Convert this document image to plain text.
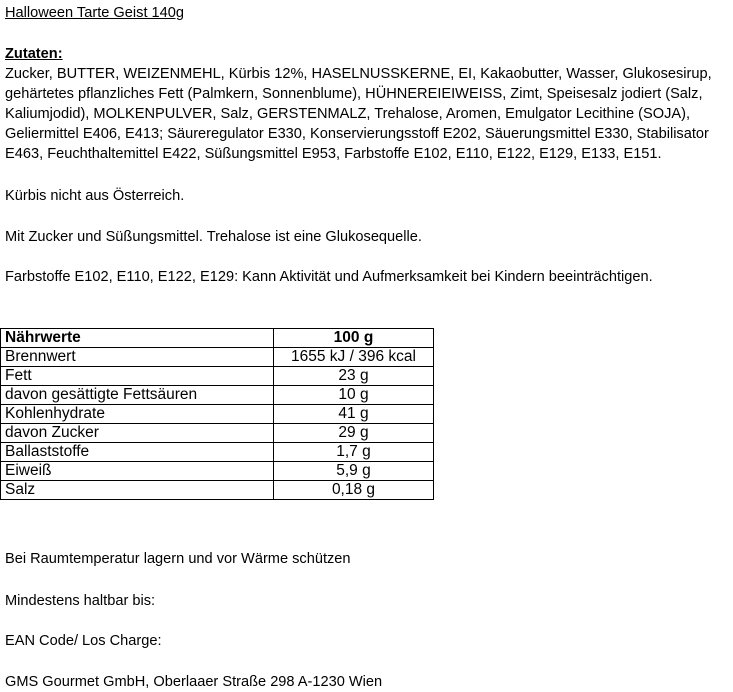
Halloween Tarte Geist 140g

Zutaten:

Zucker, BUTTER, WEIZENMEHL, Kürbis 12%, HASELNUSSKERNE, EI, Kakaobutter, Wasser, Glukosesirup, gehärtetes pflanzliches Fett (Palmkern, Sonnenblume), HÜHNEREIEIWEISS, Zimt, Speisesalz jodiert (Salz, Kaliumjodid), MOLKENPULVER, Salz, GERSTENMALZ, Trehalose, Aromen, Emulgator Lecithine (SOJA), Geliermittel E406, E413; Säureregulator E330, Konservierungsstoff E202, Säuerungsmittel E330, Stabilisator E463, Feuchthaltemittel E422, Süßungsmittel E953, Farbstoffe E102, E110, E122, E129, E133, E151.

Kürbis nicht aus Österreich.

Mit Zucker und Süßungsmittel. Trehalose ist eine Glukosequelle.

Farbstoffe E102, E110, E122, E129: Kann Aktivität und Aufmerksamkeit bei Kindern beeinträchtigen.

Nährwerte	100 g
Brennwert	1655 kJ / 396 kcal
Fett	23 g
davon gesättigte Fettsäuren	10 g
Kohlenhydrate	41 g
davon Zucker	29 g
Ballaststoffe	1,7 g
Eiweiß	5,9 g
Salz	0,18 g

Bei Raumtemperatur lagern und vor Wärme schützen

Mindestens haltbar bis:

EAN Code/ Los Charge:

GMS Gourmet GmbH, Oberlaaer Straße 298 A-1230 Wien
